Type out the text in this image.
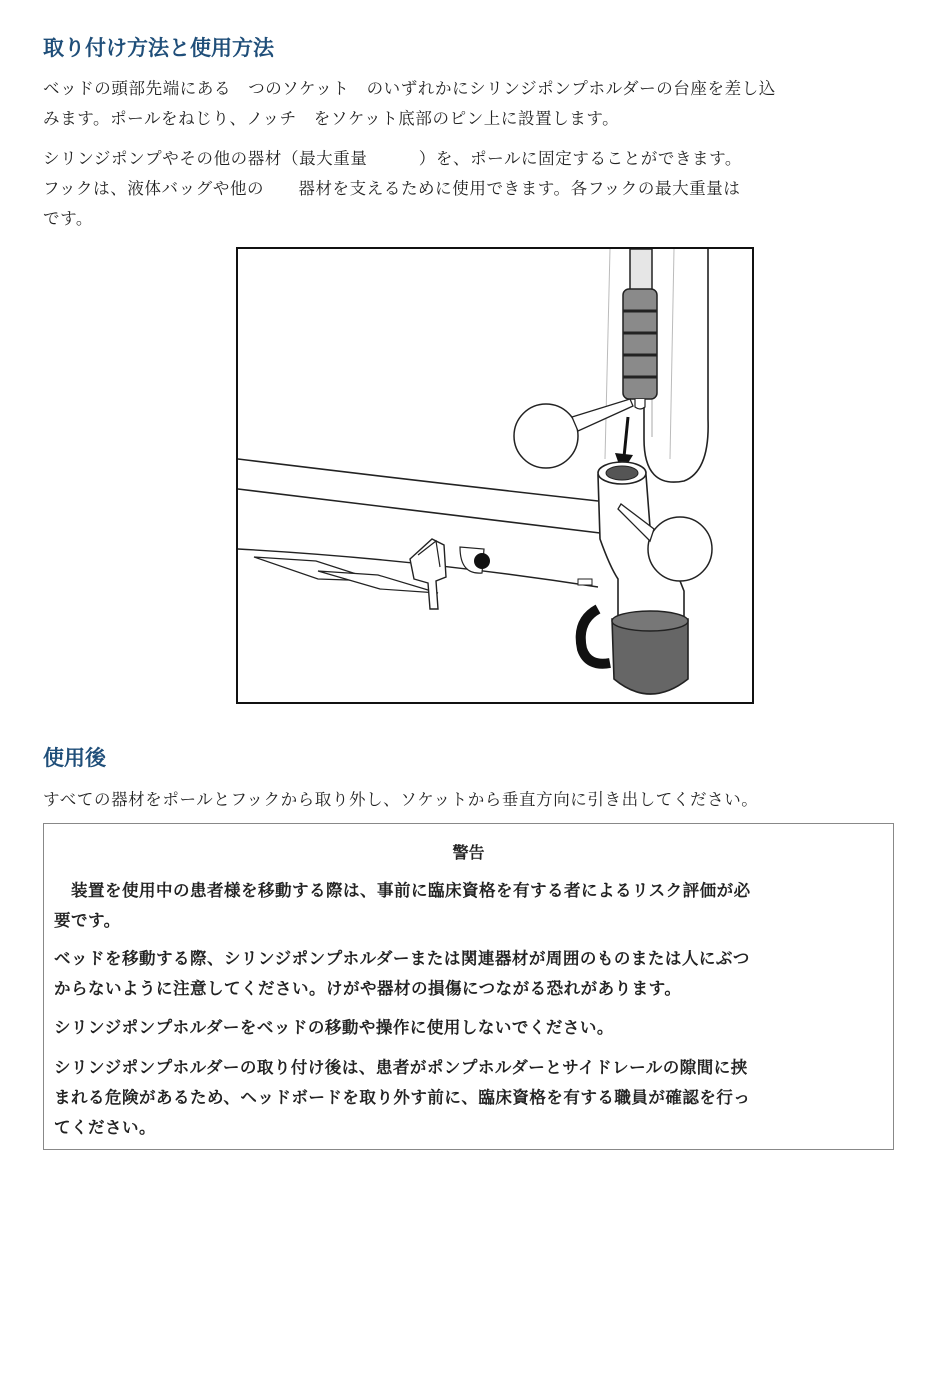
取り付け方法と使用方法
ベッドの頭部先端にある　つのソケット　のいずれかにシリンジポンプホルダーの台座を差し込
みます。ポールをねじり、ノッチ　をソケット底部のピン上に設置します。
シリンジポンプやその他の器材（最大重量　　　）を、ポールに固定することができます。
フックは、液体バッグや他の　　器材を支えるために使用できます。各フックの最大重量は
です。
使用後
すべての器材をポールとフックから取り外し、ソケットから垂直方向に引き出してください。
警告
　装置を使用中の患者様を移動する際は、事前に臨床資格を有する者によるリスク評価が必
要です。
ベッドを移動する際、シリンジポンプホルダーまたは関連器材が周囲のものまたは人にぶつ
からないように注意してください。けがや器材の損傷につながる恐れがあります。
シリンジポンプホルダーをベッドの移動や操作に使用しないでください。
シリンジポンプホルダーの取り付け後は、患者がポンプホルダーとサイドレールの隙間に挟
まれる危険があるため、ヘッドボードを取り外す前に、臨床資格を有する職員が確認を行っ
てください。
